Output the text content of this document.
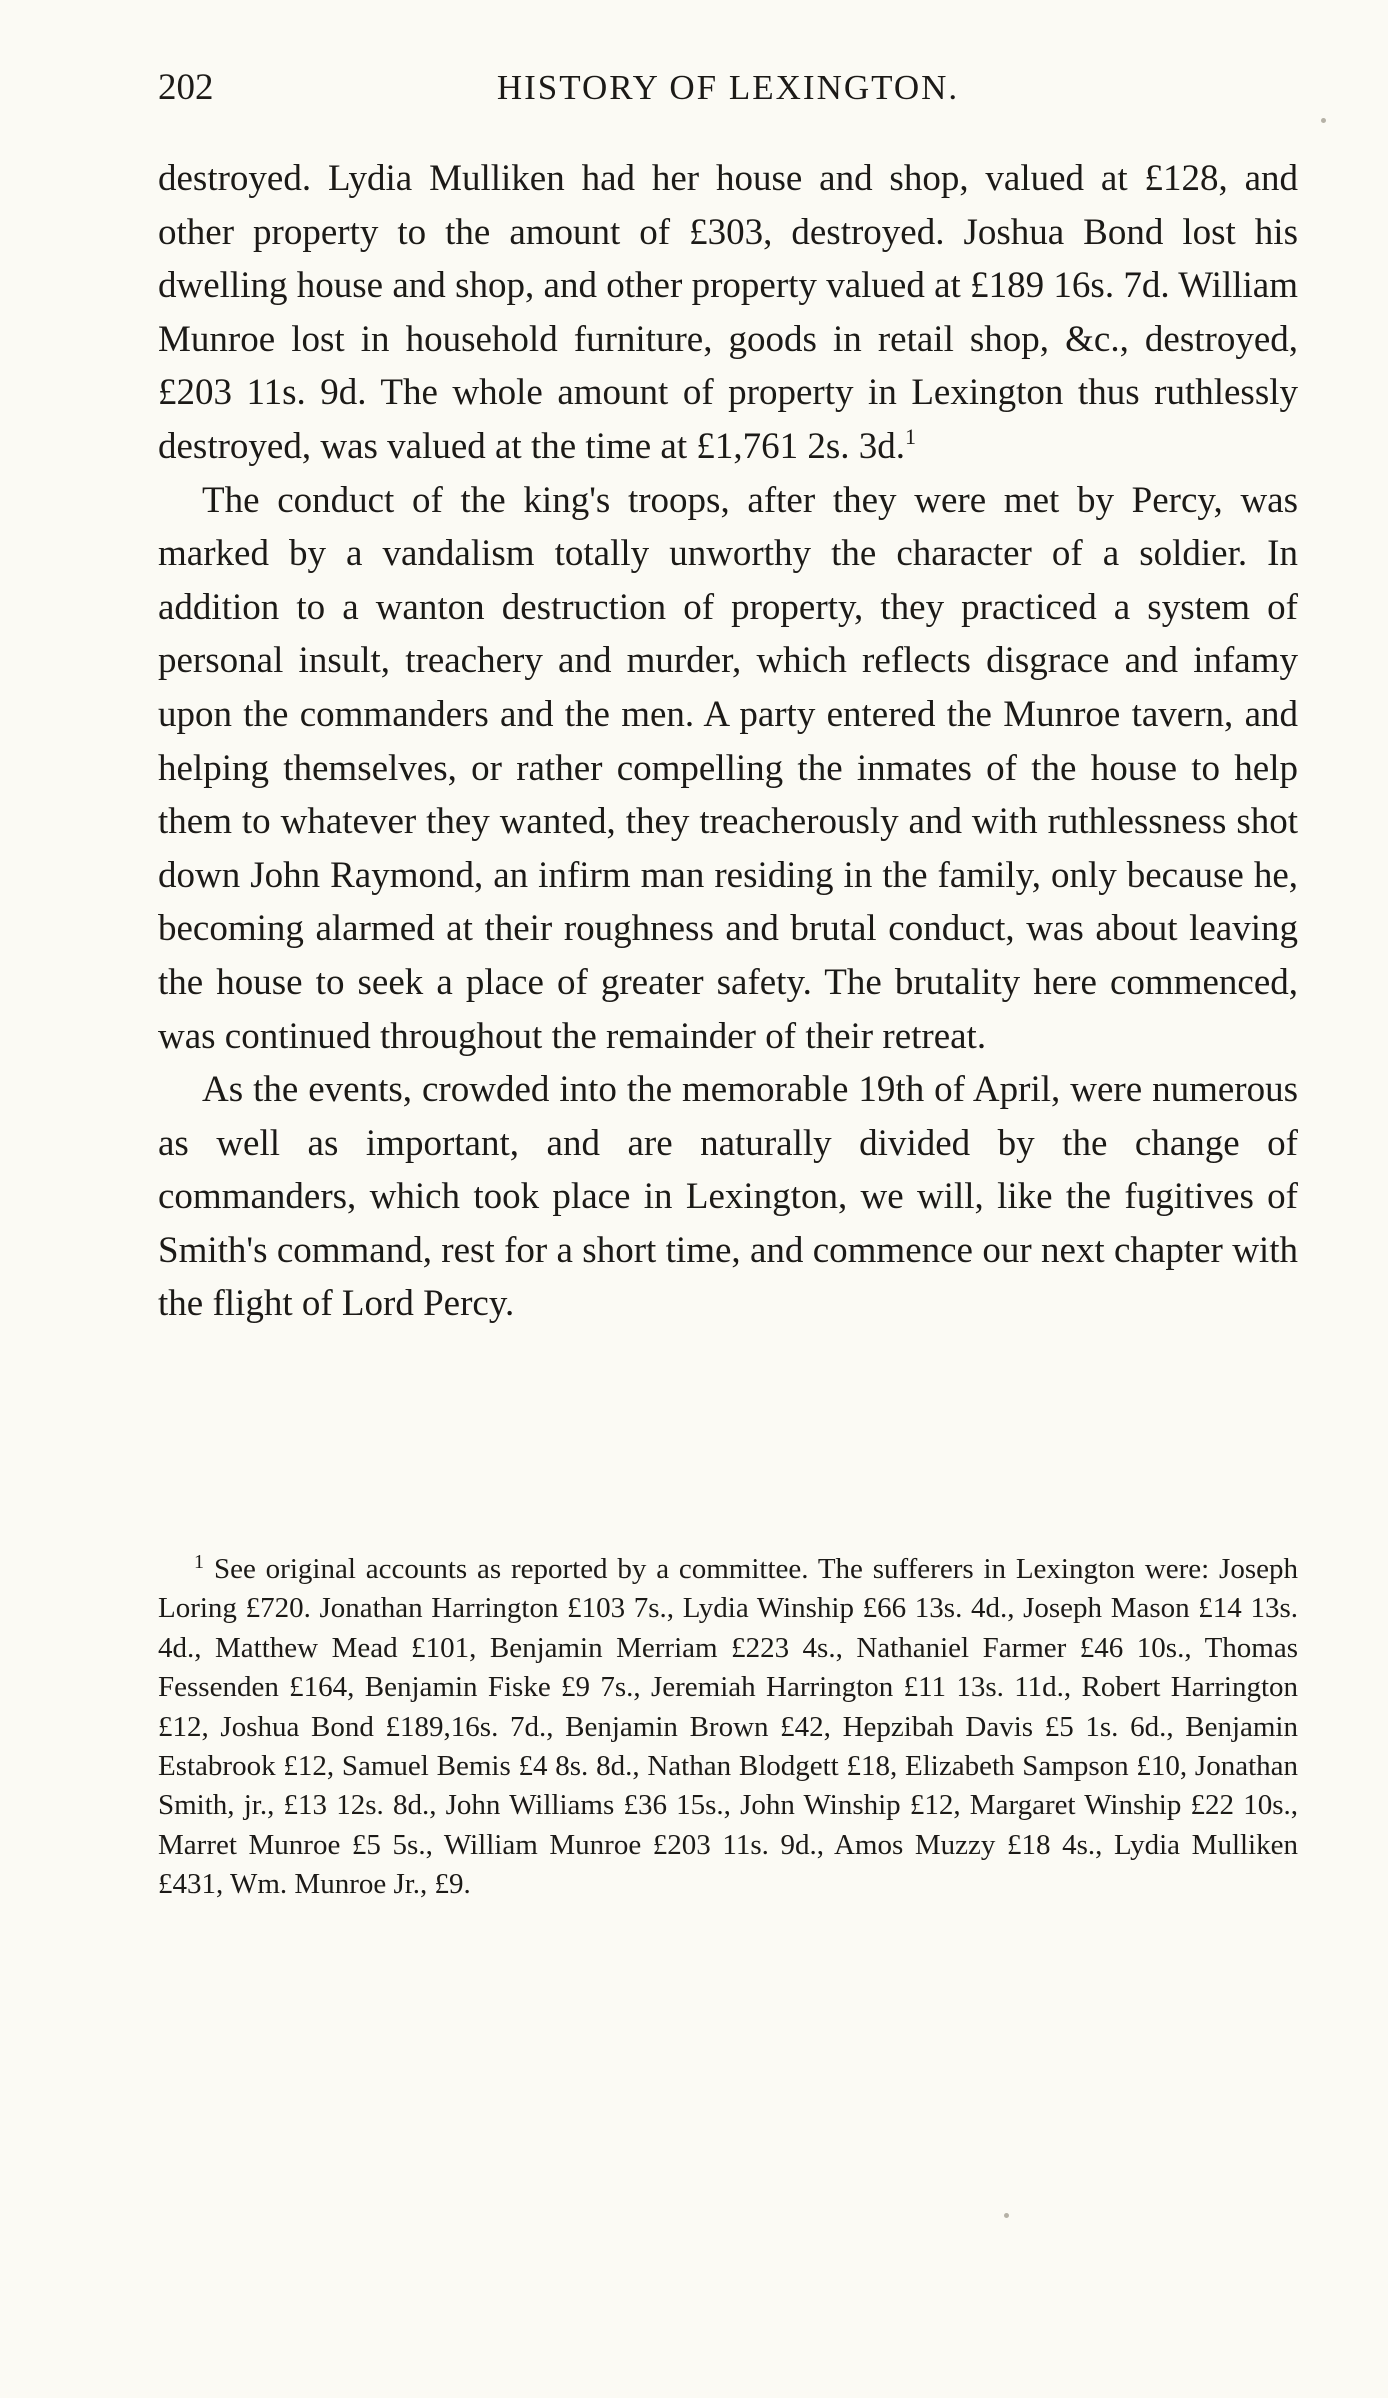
HISTORY OF LEXINGTON.
202

destroyed. Lydia Mulliken had her house and shop, valued at £128, and other property to the amount of £303, destroyed. Joshua Bond lost his dwelling house and shop, and other property valued at £189 16s. 7d. William Munroe lost in household furniture, goods in retail shop, &c., destroyed, £203 11s. 9d. The whole amount of property in Lexington thus ruthlessly destroyed, was valued at the time at £1,761 2s. 3d.$^1$

The conduct of the king's troops, after they were met by Percy, was marked by a vandalism totally unworthy the character of a soldier. In addition to a wanton destruction of property, they practiced a system of personal insult, treachery and murder, which reflects disgrace and infamy upon the commanders and the men. A party entered the Munroe tavern, and helping themselves, or rather compelling the inmates of the house to help them to whatever they wanted, they treacherously and with ruthlessness shot down John Raymond, an infirm man residing in the family, only because he, becoming alarmed at their roughness and brutal conduct, was about leaving the house to seek a place of greater safety. The brutality here commenced, was continued throughout the remainder of their retreat.

As the events, crowded into the memorable 19th of April, were numerous as well as important, and are naturally divided by the change of commanders, which took place in Lexington, we will, like the fugitives of Smith's command, rest for a short time, and commence our next chapter with the flight of Lord Percy.

$^1$ See original accounts as reported by a committee. The sufferers in Lexington were: Joseph Loring £720. Jonathan Harrington £103 7s., Lydia Winship £66 13s. 4d., Joseph Mason £14 13s. 4d., Matthew Mead £101, Benjamin Merriam £223 4s., Nathaniel Farmer £46 10s., Thomas Fessenden £164, Benjamin Fiske £9 7s., Jeremiah Harrington £11 13s. 11d., Robert Harrington £12, Joshua Bond £189,16s. 7d., Benjamin Brown £42, Hepzibah Davis £5 1s. 6d., Benjamin Estabrook £12, Samuel Bemis £4 8s. 8d., Nathan Blodgett £18, Elizabeth Sampson £10, Jonathan Smith, jr., £13 12s. 8d., John Williams £36 15s., John Winship £12, Margaret Winship £22 10s., Marret Munroe £5 5s., William Munroe £203 11s. 9d., Amos Muzzy £18 4s., Lydia Mulliken £431, Wm. Munroe Jr., £9.
